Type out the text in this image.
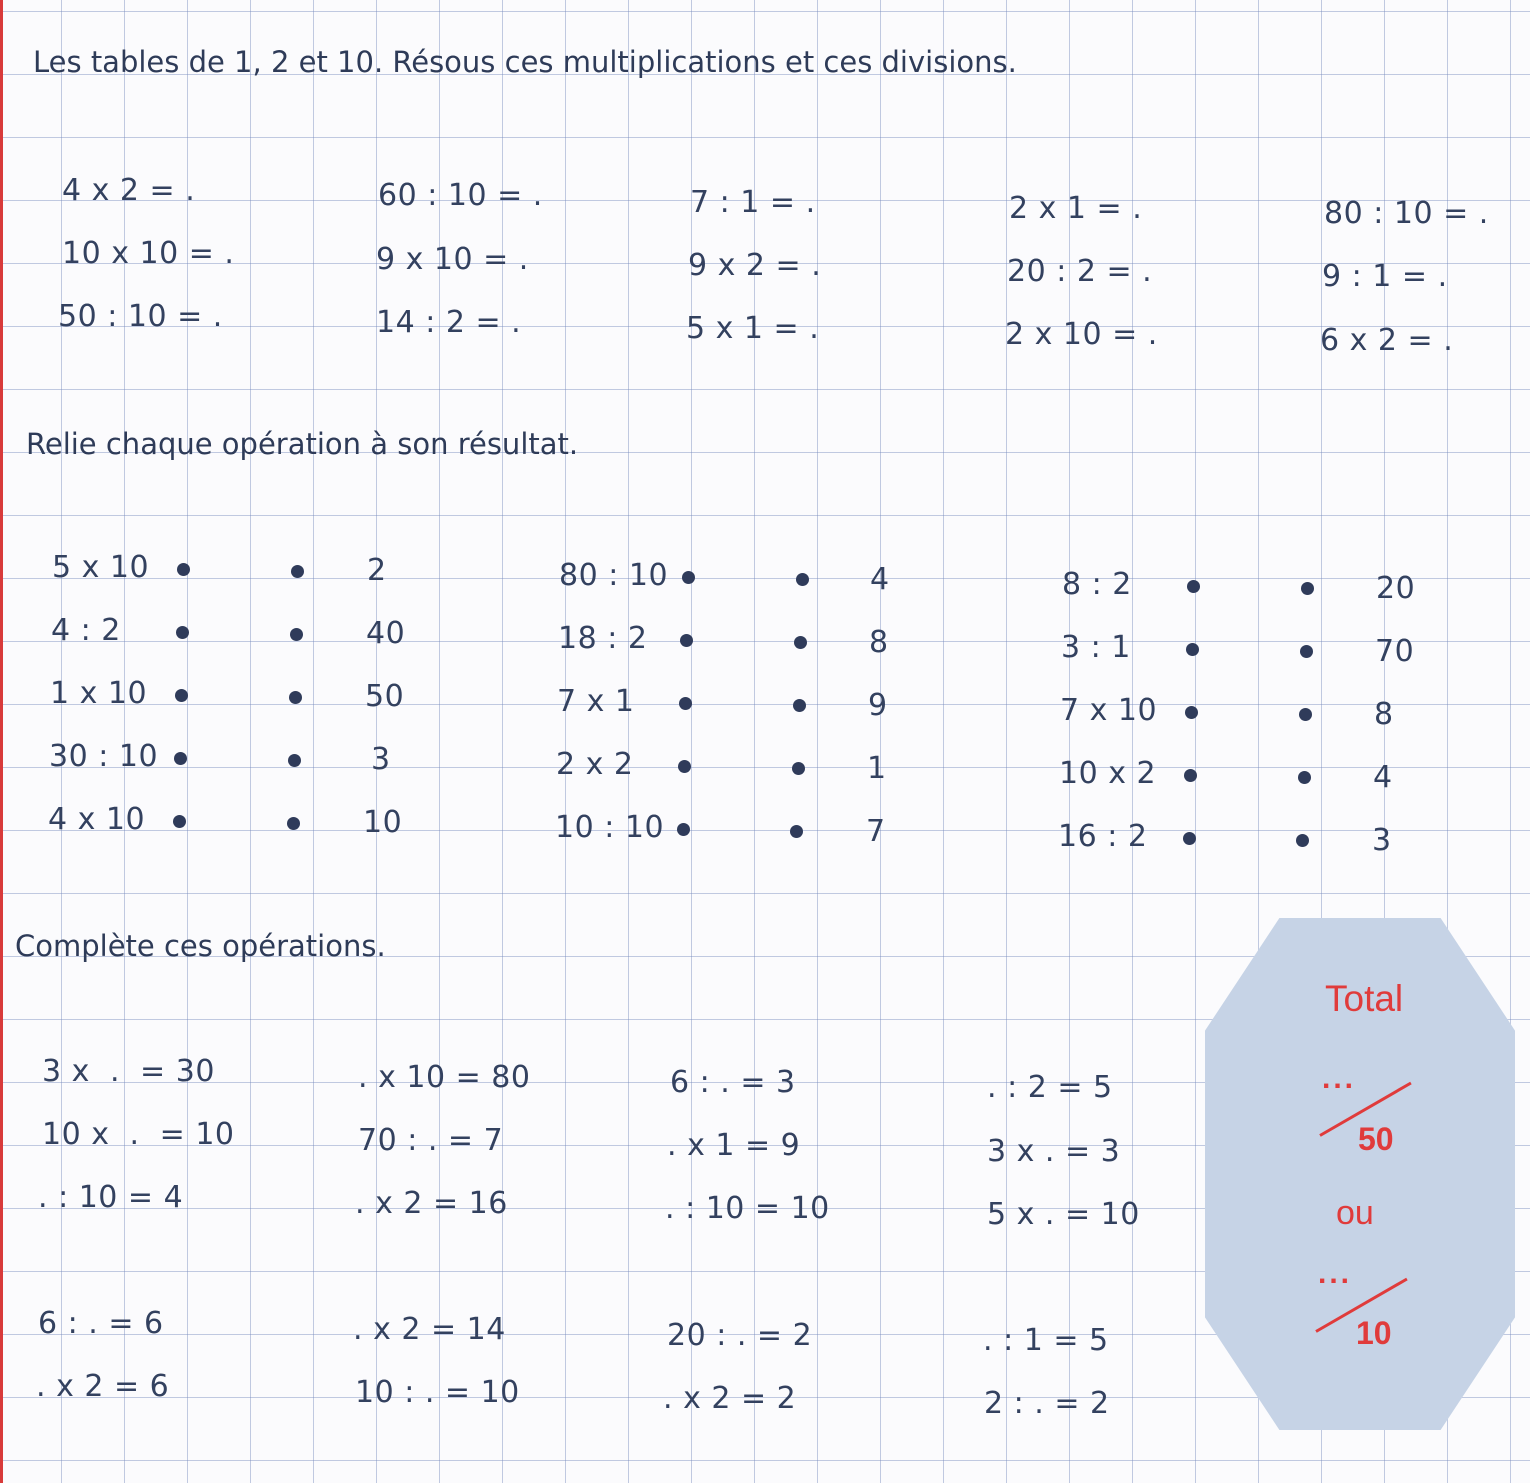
Les tables de 1, 2 et 10. Résous ces multiplications et ces divisions.
4 x 2 = .
10 x 10 = .
50 : 10 = .
60 : 10 = .
9 x 10 = .
14 : 2 = .
7 : 1 = .
9 x 2 = .
5 x 1 = .
2 x 1 = .
20 : 2 = .
2 x 10 = .
80 : 10 = .
9 : 1 = .
6 x 2 = .
Relie chaque opération à son résultat.
5 x 10
4 : 2
1 x 10
30 : 10
4 x 10
2
40
50
3
10
80 : 10
18 : 2
7 x 1
2 x 2
10 : 10
4
8
9
1
7
8 : 2
3 : 1
7 x 10
10 x 2
16 : 2
20
70
8
4
3
Complète ces opérations.
3 x  .  = 30
10 x  .  = 10
. : 10 = 4
6 : . = 6
. x 2 = 6
. x 10 = 80
70 : . = 7
. x 2 = 16
. x 2 = 14
10 : . = 10
6 : . = 3
. x 1 = 9
. : 10 = 10
20 : . = 2
. x 2 = 2
. : 2 = 5
3 x . = 3
5 x . = 10
. : 1 = 5
2 : . = 2
Total
...
50
ou
...
10
